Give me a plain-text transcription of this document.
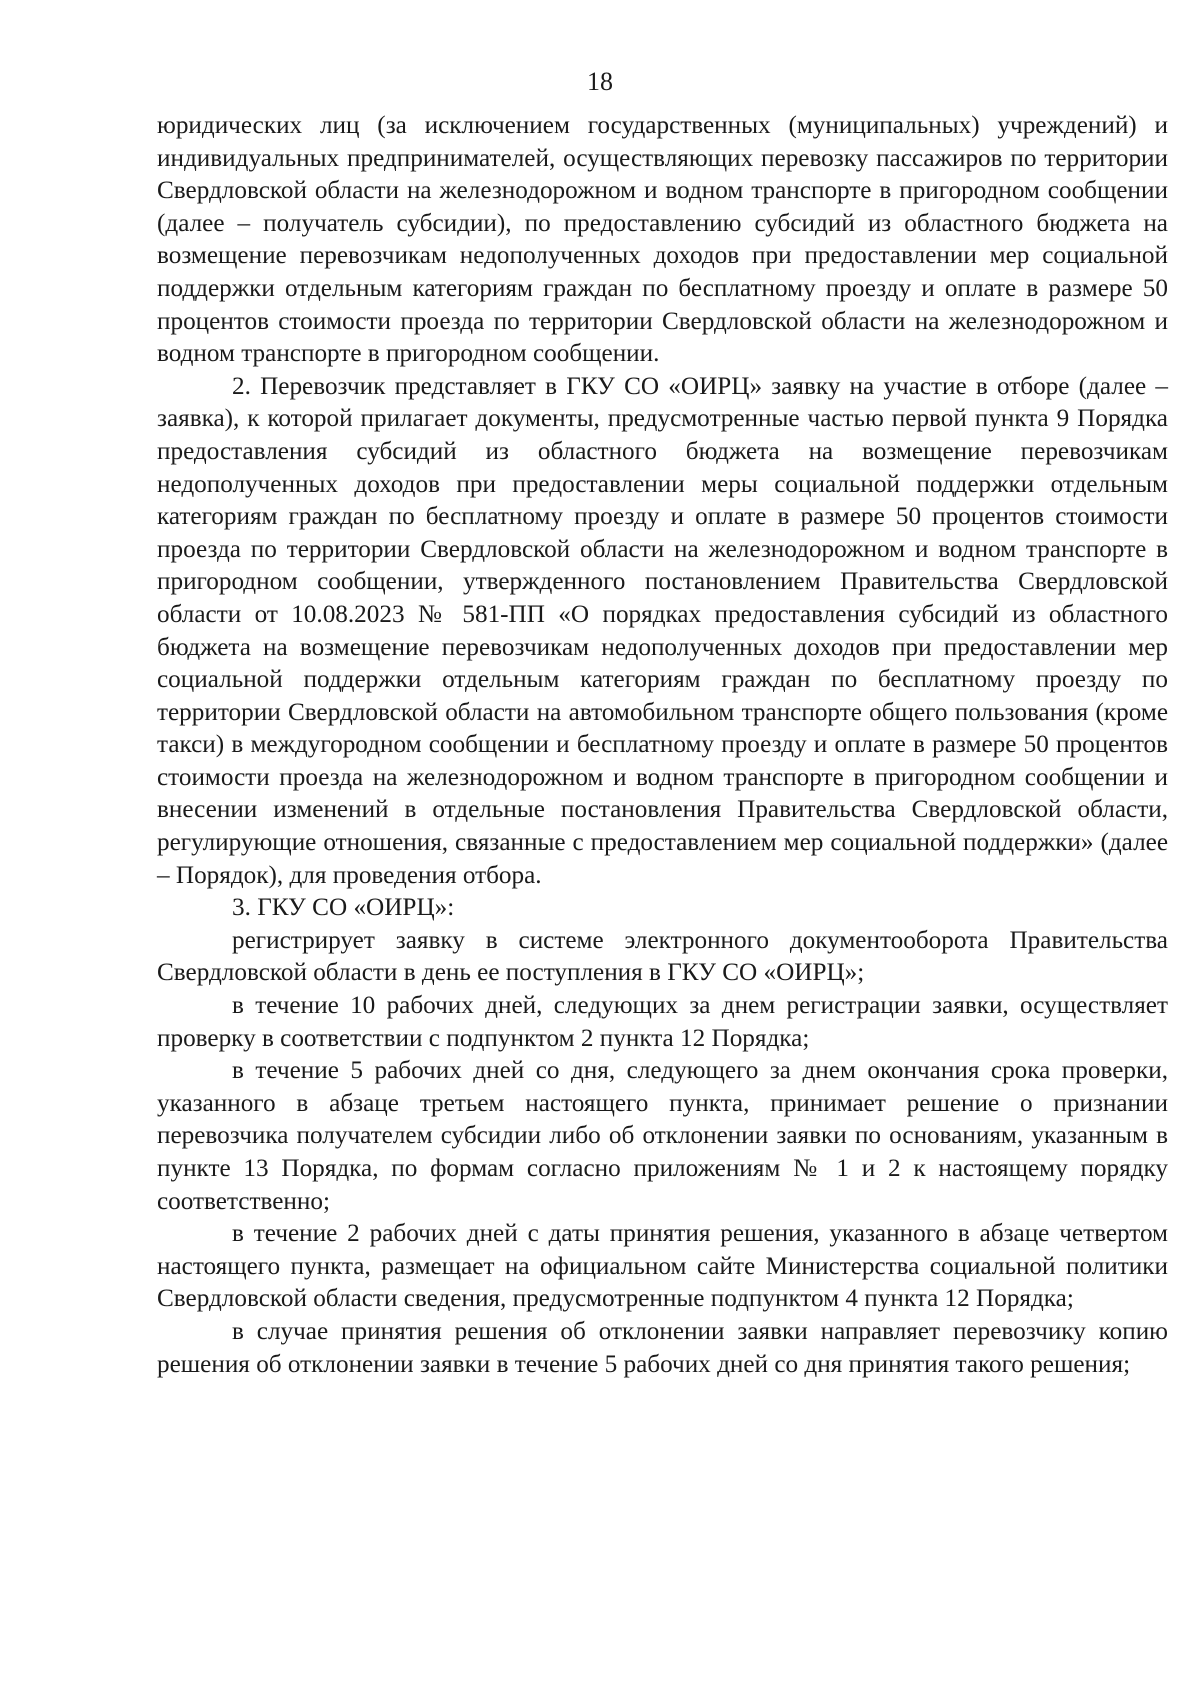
18

юридических лиц (за исключением государственных (муниципальных) учреждений) и индивидуальных предпринимателей, осуществляющих перевозку пассажиров по территории Свердловской области на железнодорожном и водном транспорте в пригородном сообщении (далее – получатель субсидии), по предоставлению субсидий из областного бюджета на возмещение перевозчикам недополученных доходов при предоставлении мер социальной поддержки отдельным категориям граждан по бесплатному проезду и оплате в размере 50 процентов стоимости проезда по территории Свердловской области на железнодорожном и водном транспорте в пригородном сообщении.

2. Перевозчик представляет в ГКУ СО «ОИРЦ» заявку на участие в отборе (далее – заявка), к которой прилагает документы, предусмотренные частью первой пункта 9 Порядка предоставления субсидий из областного бюджета на возмещение перевозчикам недополученных доходов при предоставлении меры социальной поддержки отдельным категориям граждан по бесплатному проезду и оплате в размере 50 процентов стоимости проезда по территории Свердловской области на железнодорожном и водном транспорте в пригородном сообщении, утвержденного постановлением Правительства Свердловской области от 10.08.2023 № 581-ПП «О порядках предоставления субсидий из областного бюджета на возмещение перевозчикам недополученных доходов при предоставлении мер социальной поддержки отдельным категориям граждан по бесплатному проезду по территории Свердловской области на автомобильном транспорте общего пользования (кроме такси) в междугородном сообщении и бесплатному проезду и оплате в размере 50 процентов стоимости проезда на железнодорожном и водном транспорте в пригородном сообщении и внесении изменений в отдельные постановления Правительства Свердловской области, регулирующие отношения, связанные с предоставлением мер социальной поддержки» (далее – Порядок), для проведения отбора.

3. ГКУ СО «ОИРЦ»:

регистрирует заявку в системе электронного документооборота Правительства Свердловской области в день ее поступления в ГКУ СО «ОИРЦ»;

в течение 10 рабочих дней, следующих за днем регистрации заявки, осуществляет проверку в соответствии с подпунктом 2 пункта 12 Порядка;

в течение 5 рабочих дней со дня, следующего за днем окончания срока проверки, указанного в абзаце третьем настоящего пункта, принимает решение о признании перевозчика получателем субсидии либо об отклонении заявки по основаниям, указанным в пункте 13 Порядка, по формам согласно приложениям № 1 и 2 к настоящему порядку соответственно;

в течение 2 рабочих дней с даты принятия решения, указанного в абзаце четвертом настоящего пункта, размещает на официальном сайте Министерства социальной политики Свердловской области сведения, предусмотренные подпунктом 4 пункта 12 Порядка;

в случае принятия решения об отклонении заявки направляет перевозчику копию решения об отклонении заявки в течение 5 рабочих дней со дня принятия такого решения;
